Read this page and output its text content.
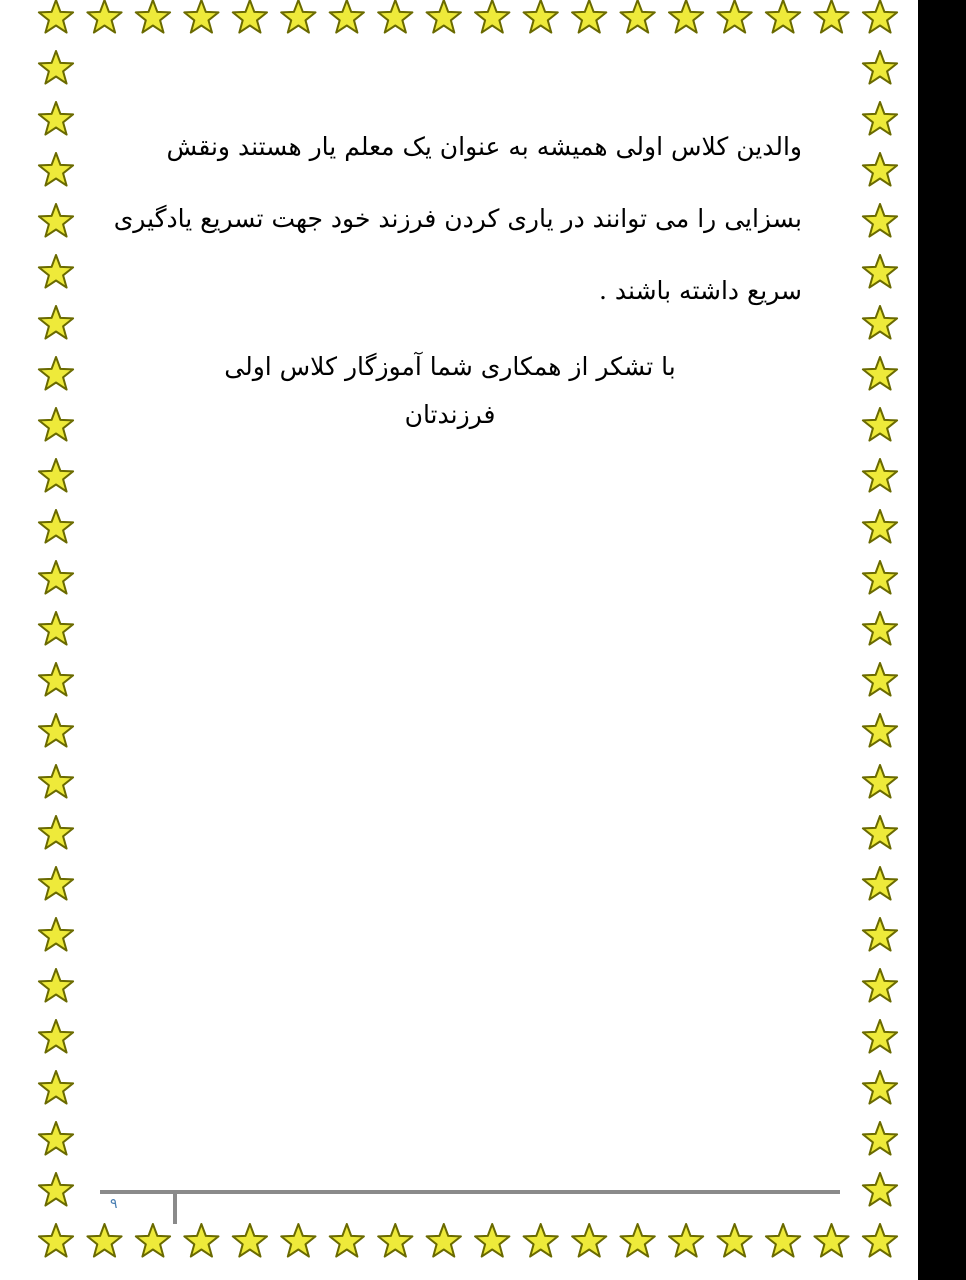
والدین کلاس اولی همیشه به عنوان یک معلم یار هستند ونقش بسزایی را می توانند در یاری کردن فرزند خود جهت تسریع یادگیری سریع داشته باشند .

با تشکر از همکاری شما آموزگار کلاس اولی فرزندتان

۹
